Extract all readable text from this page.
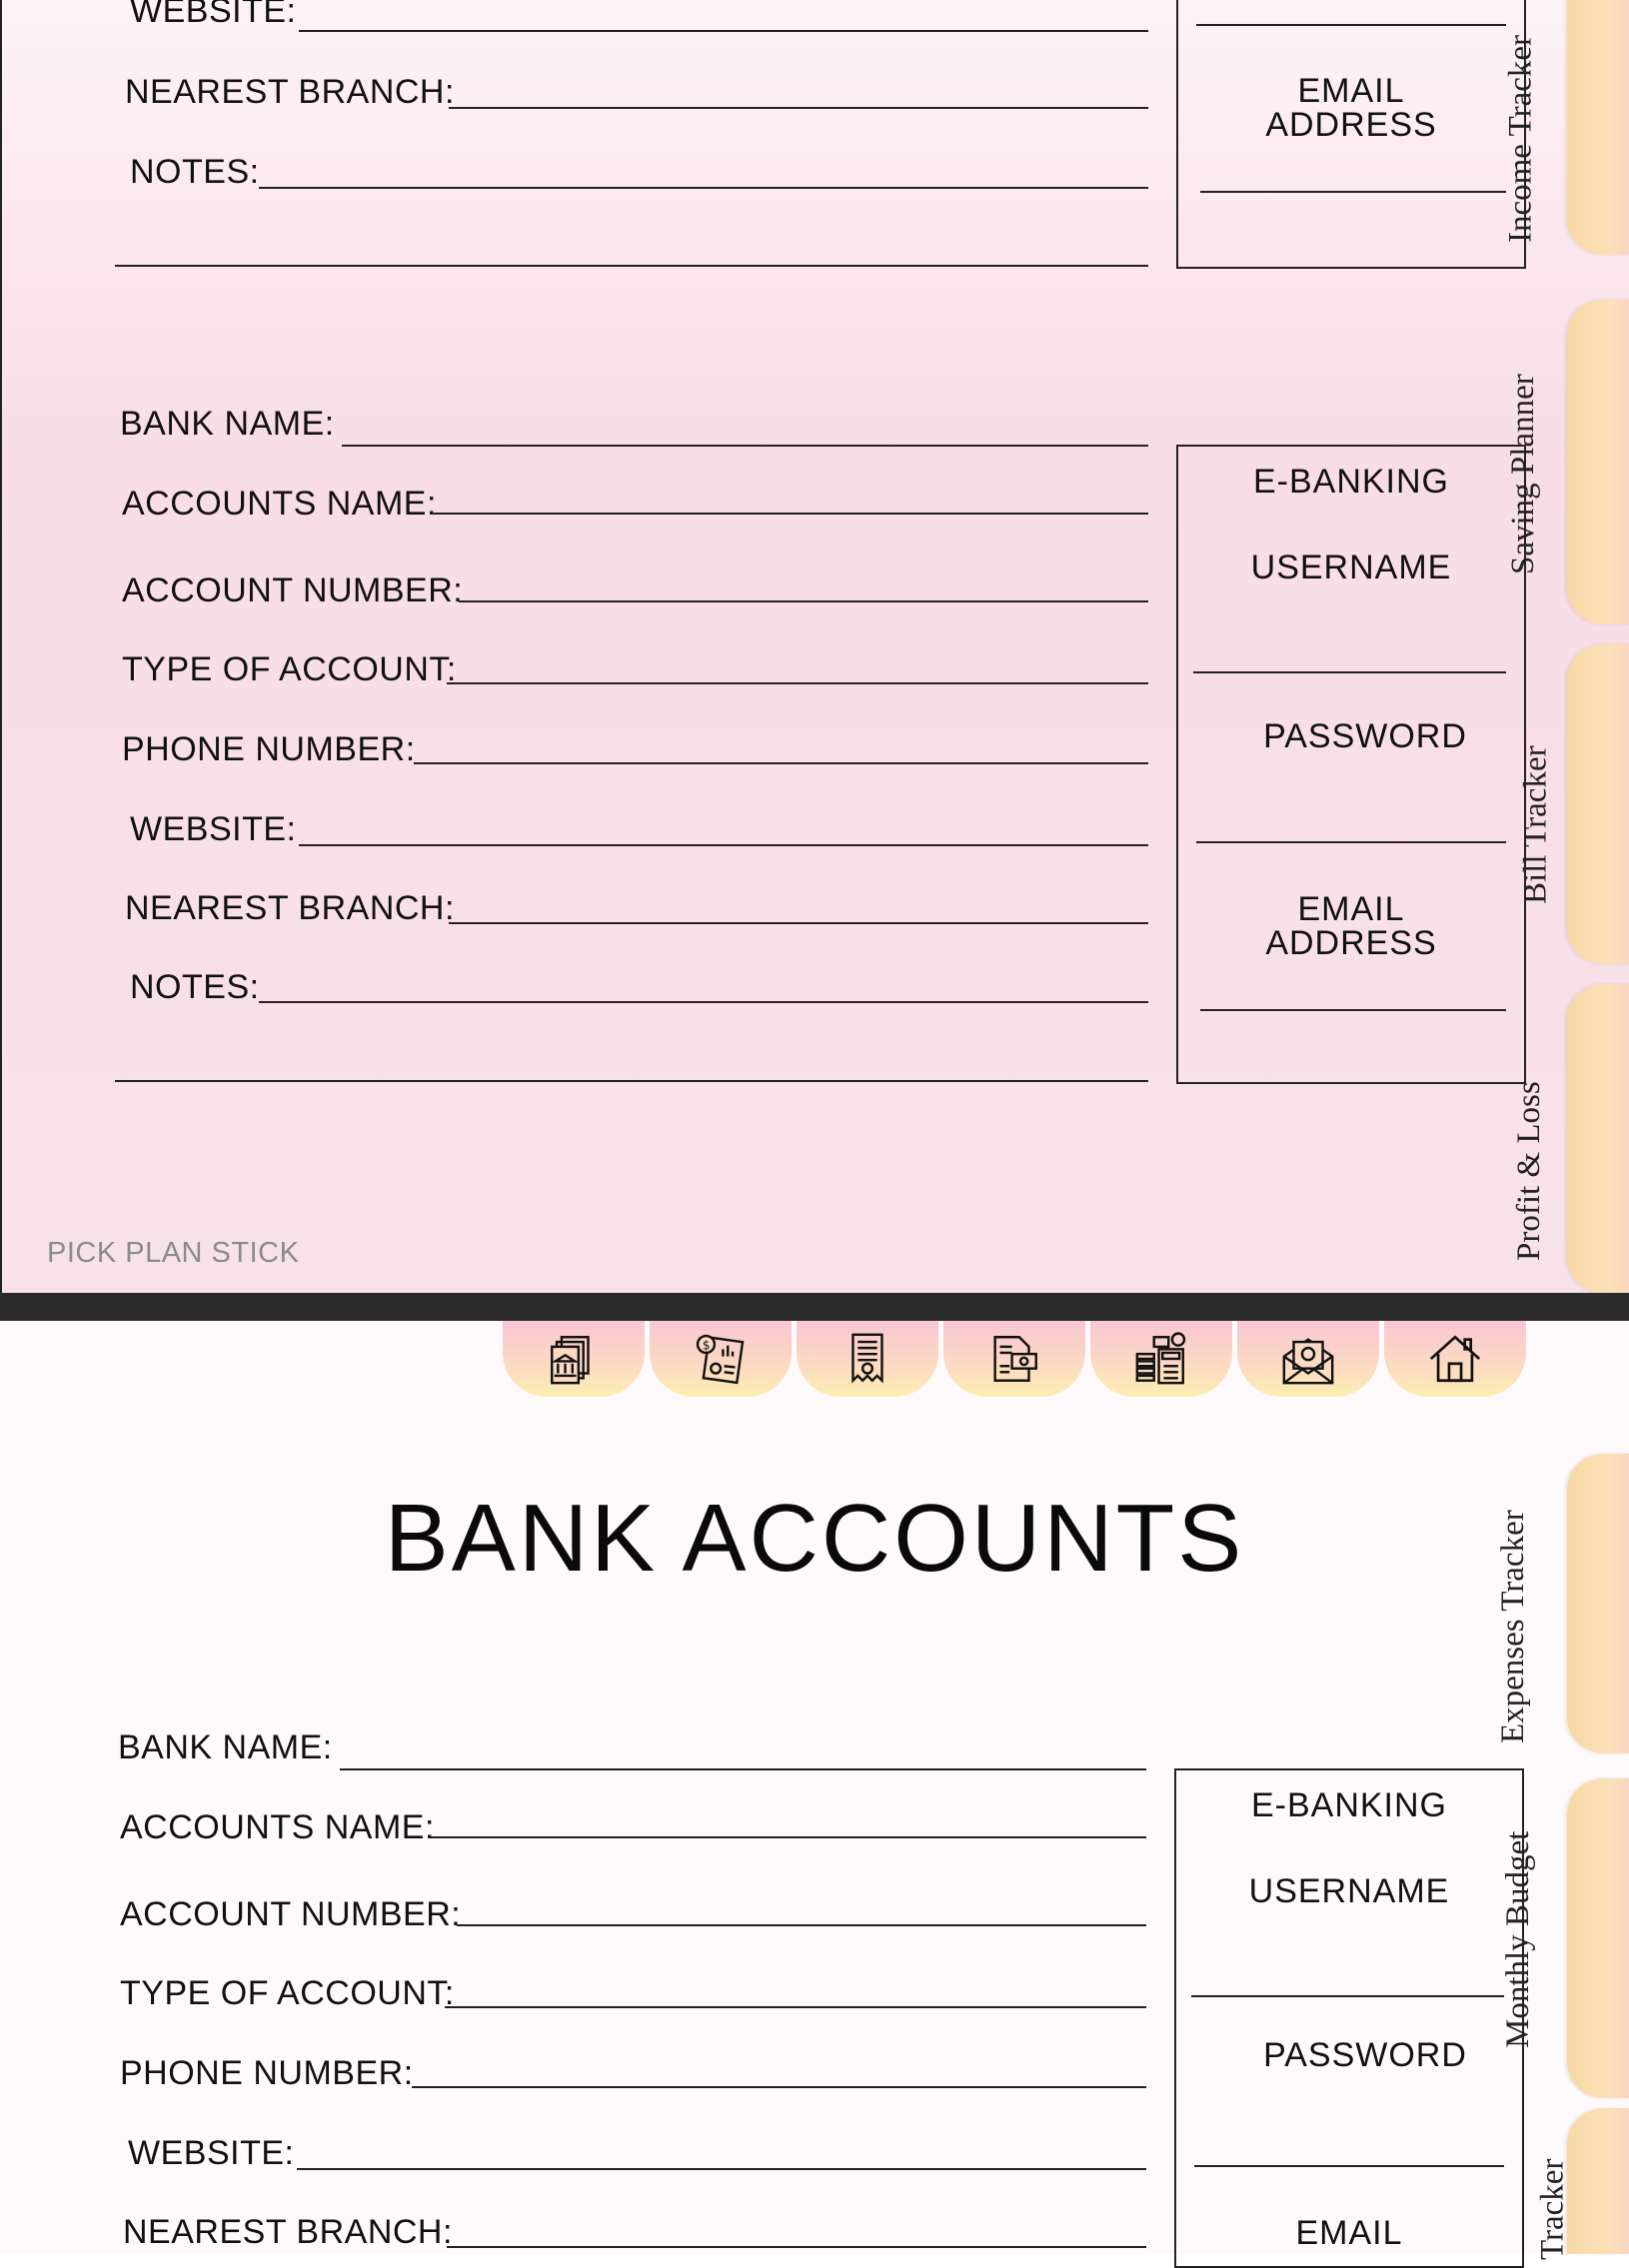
WEBSITE:
NEAREST BRANCH:
NOTES:
EMAIL
ADDRESS
BANK NAME:
ACCOUNTS NAME:
ACCOUNT NUMBER:
TYPE OF ACCOUNT:
PHONE NUMBER:
WEBSITE:
NEAREST BRANCH:
NOTES:
E-BANKING
USERNAME
PASSWORD
EMAIL
ADDRESS
PICK PLAN STICK
Income Tracker
Saving Planner
Bill Tracker
Profit & Loss
$
BANK ACCOUNTS
BANK NAME:
ACCOUNTS NAME:
ACCOUNT NUMBER:
TYPE OF ACCOUNT:
PHONE NUMBER:
WEBSITE:
NEAREST BRANCH:
E-BANKING
USERNAME
PASSWORD
EMAIL
Expenses Tracker
Monthly Budget
Tracker
